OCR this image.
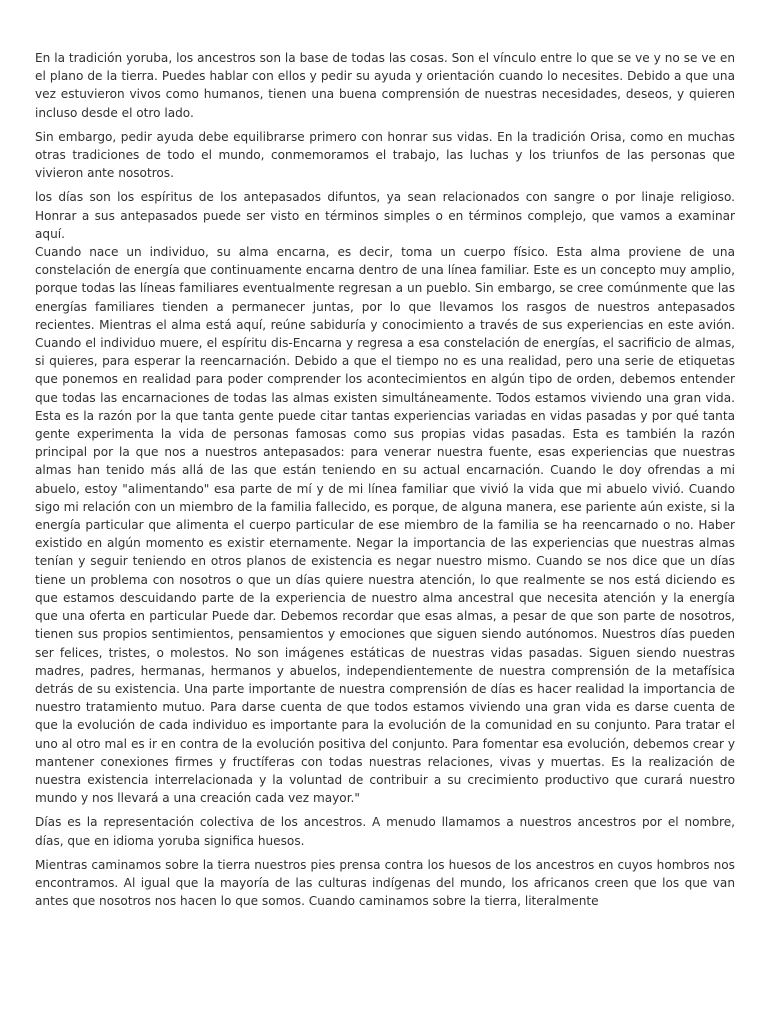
En la tradición yoruba, los ancestros son la base de todas las cosas. Son el vínculo entre lo que se ve y no se ve en el plano de la tierra. Puedes hablar con ellos y pedir su ayuda y orientación cuando lo necesites. Debido a que una vez estuvieron vivos como humanos, tienen una buena comprensión de nuestras necesidades, deseos, y quieren incluso desde el otro lado.

Sin embargo, pedir ayuda debe equilibrarse primero con honrar sus vidas. En la tradición Orisa, como en muchas otras tradiciones de todo el mundo, conmemoramos el trabajo, las luchas y los triunfos de las personas que vivieron ante nosotros.

los días son los espíritus de los antepasados difuntos, ya sean relacionados con sangre o por linaje religioso. Honrar a sus antepasados puede ser visto en términos simples o en términos complejo, que vamos a examinar aquí.

Cuando nace un individuo, su alma encarna, es decir, toma un cuerpo físico. Esta alma proviene de una constelación de energía que continuamente encarna dentro de una línea familiar. Este es un concepto muy amplio, porque todas las líneas familiares eventualmente regresan a un pueblo. Sin embargo, se cree comúnmente que las energías familiares tienden a permanecer juntas, por lo que llevamos los rasgos de nuestros antepasados recientes. Mientras el alma está aquí, reúne sabiduría y conocimiento a través de sus experiencias en este avión. Cuando el individuo muere, el espíritu dis-Encarna y regresa a esa constelación de energías, el sacrificio de almas, si quieres, para esperar la reencarnación. Debido a que el tiempo no es una realidad, pero una serie de etiquetas que ponemos en realidad para poder comprender los acontecimientos en algún tipo de orden, debemos entender que todas las encarnaciones de todas las almas existen simultáneamente. Todos estamos viviendo una gran vida. Esta es la razón por la que tanta gente puede citar tantas experiencias variadas en vidas pasadas y por qué tanta gente experimenta la vida de personas famosas como sus propias vidas pasadas. Esta es también la razón principal por la que nos a nuestros antepasados: para venerar nuestra fuente, esas experiencias que nuestras almas han tenido más allá de las que están teniendo en su actual encarnación. Cuando le doy ofrendas a mi abuelo, estoy "alimentando" esa parte de mí y de mi línea familiar que vivió la vida que mi abuelo vivió. Cuando sigo mi relación con un miembro de la familia fallecido, es porque, de alguna manera, ese pariente aún existe, si la energía particular que alimenta el cuerpo particular de ese miembro de la familia se ha reencarnado o no. Haber existido en algún momento es existir eternamente. Negar la importancia de las experiencias que nuestras almas tenían y seguir teniendo en otros planos de existencia es negar nuestro mismo. Cuando se nos dice que un días tiene un problema con nosotros o que un días quiere nuestra atención, lo que realmente se nos está diciendo es que estamos descuidando parte de la experiencia de nuestro alma ancestral que necesita atención y la energía que una oferta en particular Puede dar. Debemos recordar que esas almas, a pesar de que son parte de nosotros, tienen sus propios sentimientos, pensamientos y emociones que siguen siendo autónomos. Nuestros días pueden ser felices, tristes, o molestos. No son imágenes estáticas de nuestras vidas pasadas. Siguen siendo nuestras madres, padres, hermanas, hermanos y abuelos, independientemente de nuestra comprensión de la metafísica detrás de su existencia. Una parte importante de nuestra comprensión de días es hacer realidad la importancia de nuestro tratamiento mutuo. Para darse cuenta de que todos estamos viviendo una gran vida es darse cuenta de que la evolución de cada individuo es importante para la evolución de la comunidad en su conjunto. Para tratar el uno al otro mal es ir en contra de la evolución positiva del conjunto. Para fomentar esa evolución, debemos crear y mantener conexiones firmes y fructíferas con todas nuestras relaciones, vivas y muertas. Es la realización de nuestra existencia interrelacionada y la voluntad de contribuir a su crecimiento productivo que curará nuestro mundo y nos llevará a una creación cada vez mayor."

Días es la representación colectiva de los ancestros. A menudo llamamos a nuestros ancestros por el nombre, días, que en idioma yoruba significa huesos.

Mientras caminamos sobre la tierra nuestros pies prensa contra los huesos de los ancestros en cuyos hombros nos encontramos. Al igual que la mayoría de las culturas indígenas del mundo, los africanos creen que los que van antes que nosotros nos hacen lo que somos. Cuando caminamos sobre la tierra, literalmente
